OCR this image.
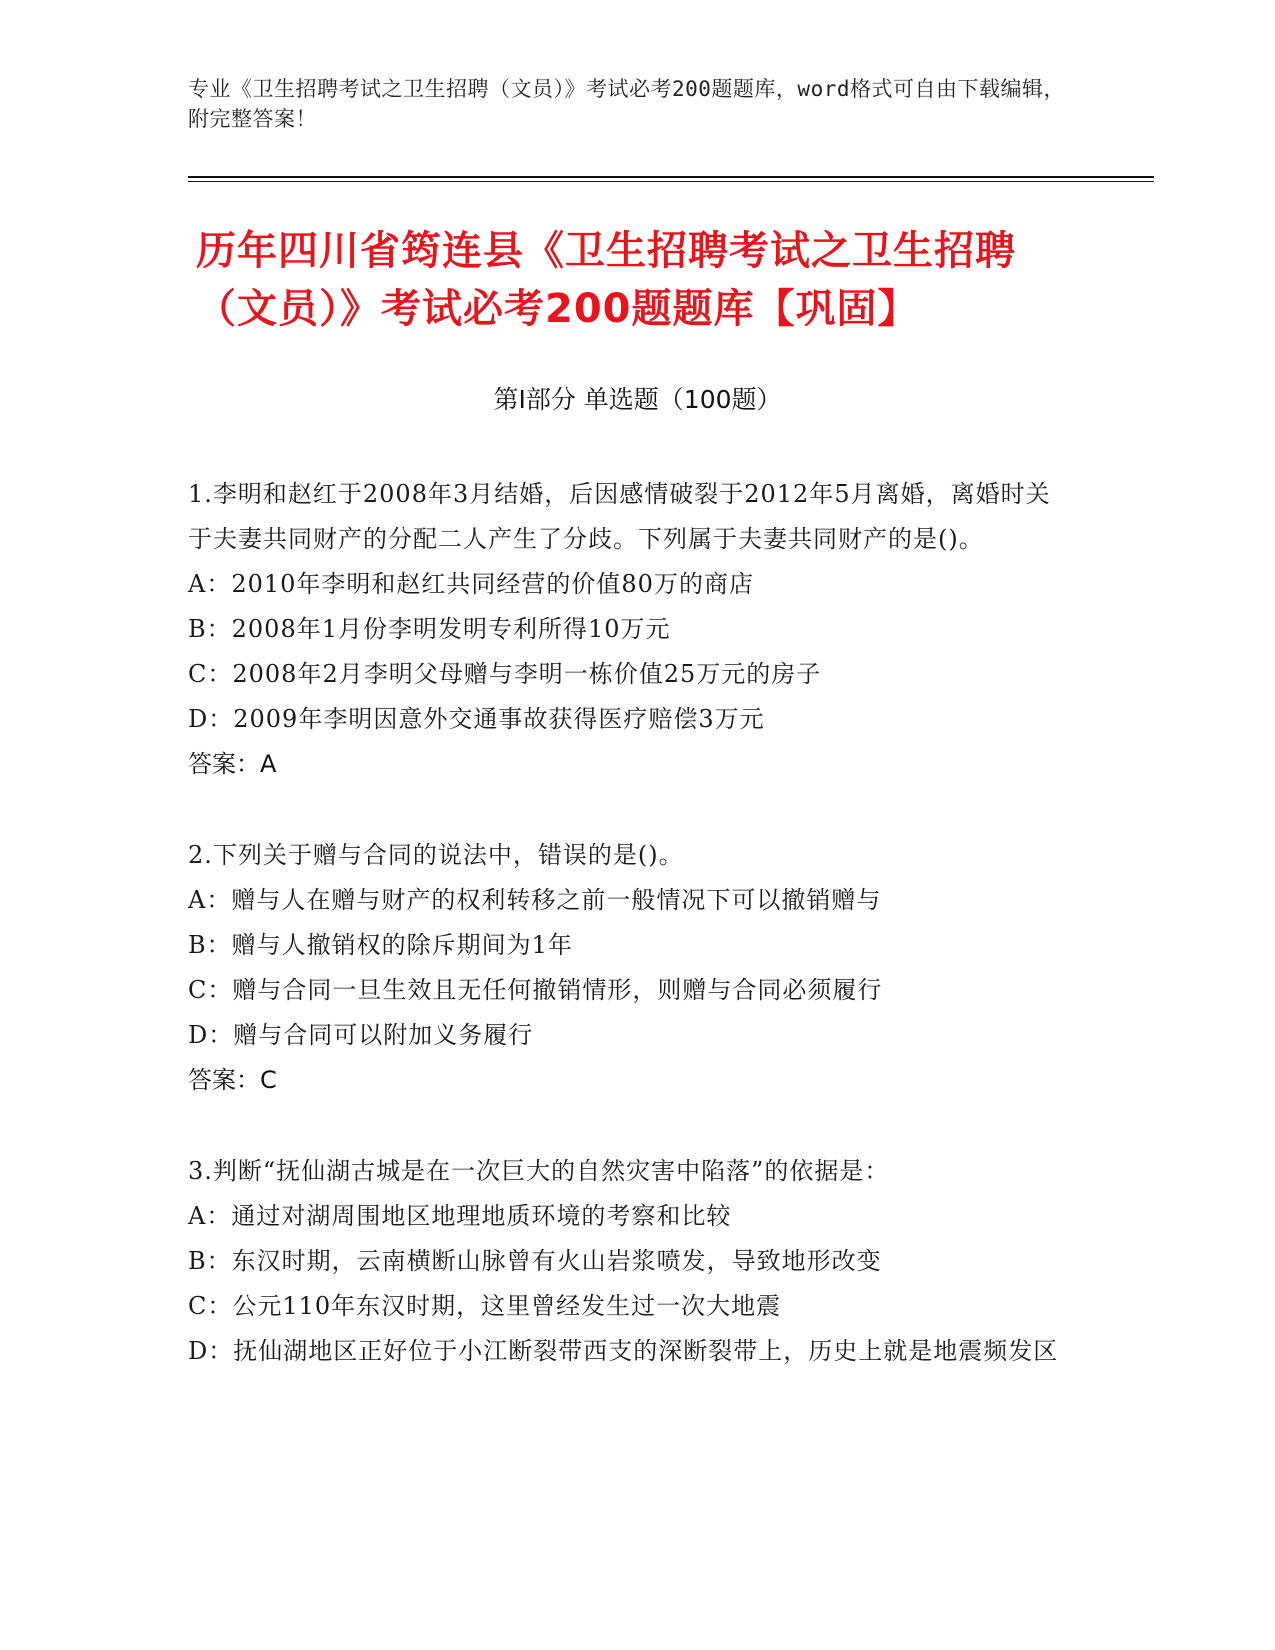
专业《卫生招聘考试之卫生招聘（文员）》考试必考200题题库，word格式可自由下载编辑，附完整答案！
历年四川省筠连县《卫生招聘考试之卫生招聘（文员）》考试必考200题题库【巩固】
第Ⅰ部分 单选题（100题）
1.李明和赵红于2008年3月结婚，后因感情破裂于2012年5月离婚，离婚时关于夫妻共同财产的分配二人产生了分歧。下列属于夫妻共同财产的是()。
A：2010年李明和赵红共同经营的价值80万的商店
B：2008年1月份李明发明专利所得10万元
C：2008年2月李明父母赠与李明一栋价值25万元的房子
D：2009年李明因意外交通事故获得医疗赔偿3万元
答案：A
2.下列关于赠与合同的说法中，错误的是()。
A：赠与人在赠与财产的权利转移之前一般情况下可以撤销赠与
B：赠与人撤销权的除斥期间为1年
C：赠与合同一旦生效且无任何撤销情形，则赠与合同必须履行
D：赠与合同可以附加义务履行
答案：C
3.判断“抚仙湖古城是在一次巨大的自然灾害中陷落”的依据是：
A：通过对湖周围地区地理地质环境的考察和比较
B：东汉时期，云南横断山脉曾有火山岩浆喷发，导致地形改变
C：公元110年东汉时期，这里曾经发生过一次大地震
D：抚仙湖地区正好位于小江断裂带西支的深断裂带上，历史上就是地震频发区
